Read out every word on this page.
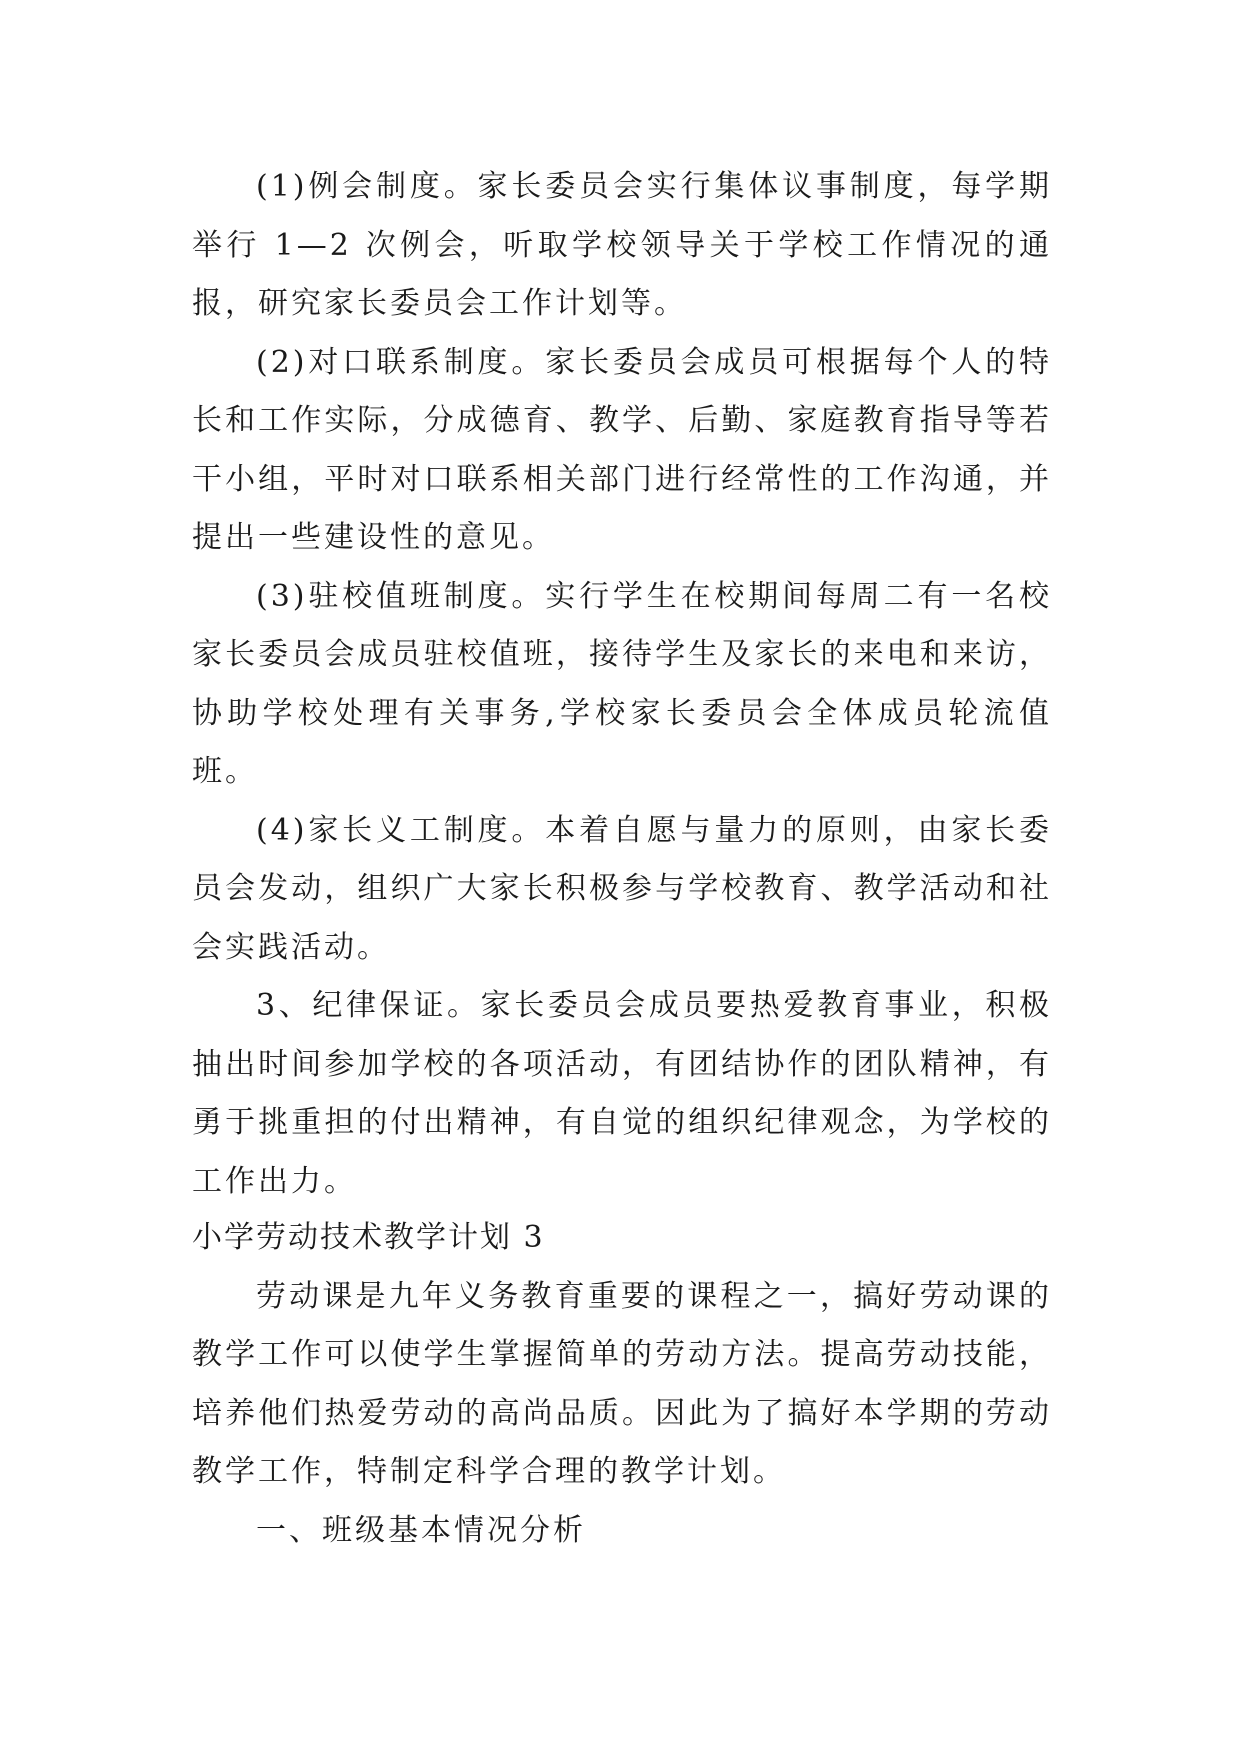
(1)例会制度。家长委员会实行集体议事制度，每学期举行 1—2 次例会，听取学校领导关于学校工作情况的通报，研究家长委员会工作计划等。

(2)对口联系制度。家长委员会成员可根据每个人的特长和工作实际，分成德育、教学、后勤、家庭教育指导等若干小组，平时对口联系相关部门进行经常性的工作沟通，并提出一些建设性的意见。

(3)驻校值班制度。实行学生在校期间每周二有一名校家长委员会成员驻校值班，接待学生及家长的来电和来访，协助学校处理有关事务,学校家长委员会全体成员轮流值班。

(4)家长义工制度。本着自愿与量力的原则，由家长委员会发动，组织广大家长积极参与学校教育、教学活动和社会实践活动。

3、纪律保证。家长委员会成员要热爱教育事业，积极抽出时间参加学校的各项活动，有团结协作的团队精神，有勇于挑重担的付出精神，有自觉的组织纪律观念，为学校的工作出力。

小学劳动技术教学计划 3

劳动课是九年义务教育重要的课程之一，搞好劳动课的教学工作可以使学生掌握简单的劳动方法。提高劳动技能，培养他们热爱劳动的高尚品质。因此为了搞好本学期的劳动教学工作，特制定科学合理的教学计划。

一、班级基本情况分析
